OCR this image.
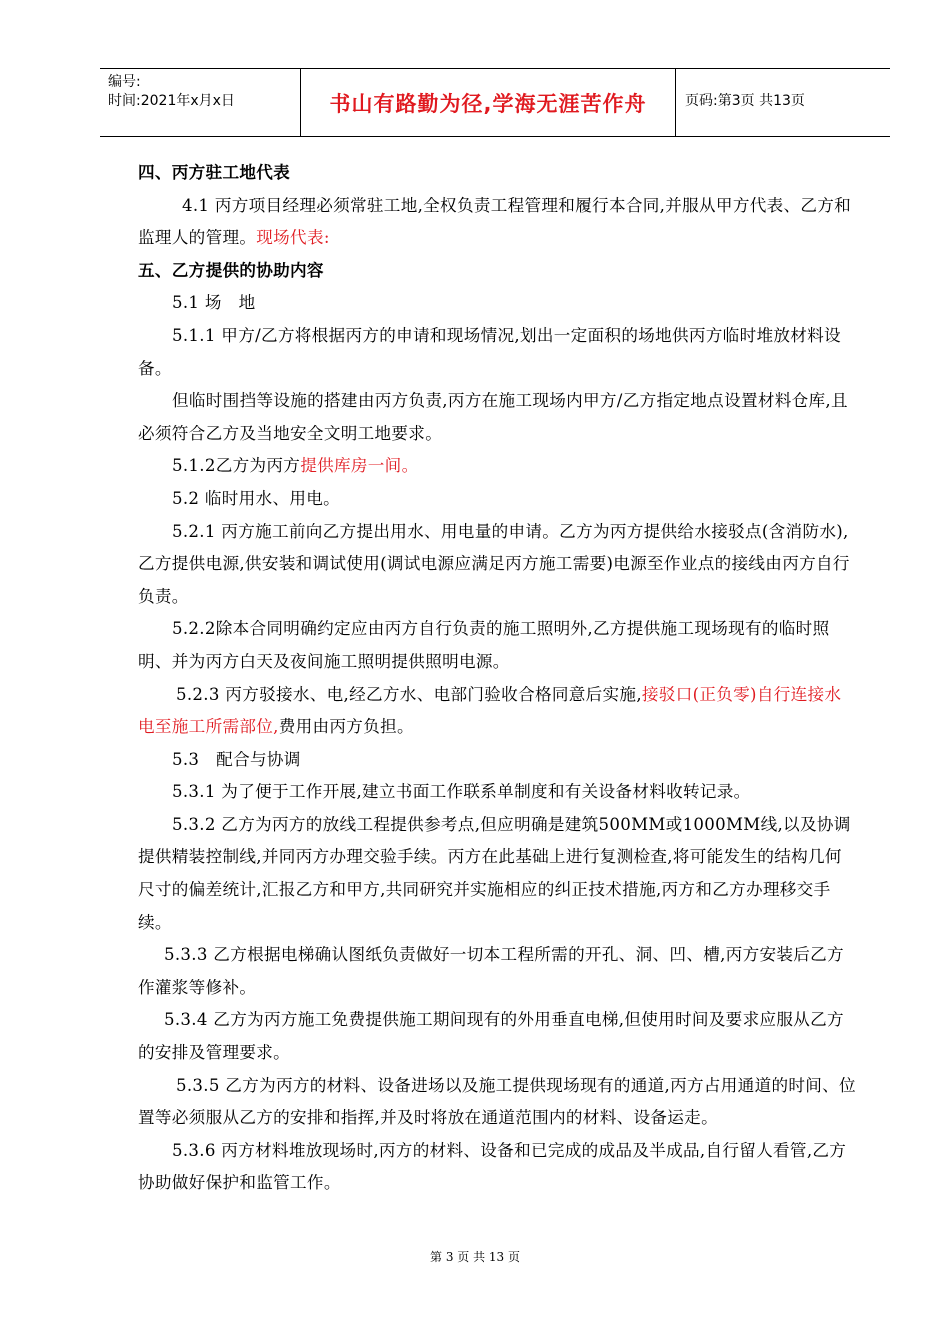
编号:
时间:2021年x月x日	书山有路勤为径,学海无涯苦作舟	页码:第3页 共13页

四、丙方驻工地代表

4.1 丙方项目经理必须常驻工地,全权负责工程管理和履行本合同,并服从甲方代表、乙方和监理人的管理。现场代表:

五、乙方提供的协助内容

5.1 场　地

5.1.1 甲方/乙方将根据丙方的申请和现场情况,划出一定面积的场地供丙方临时堆放材料设备。

但临时围挡等设施的搭建由丙方负责,丙方在施工现场内甲方/乙方指定地点设置材料仓库,且必须符合乙方及当地安全文明工地要求。

5.1.2乙方为丙方提供库房一间。

5.2 临时用水、用电。

5.2.1 丙方施工前向乙方提出用水、用电量的申请。乙方为丙方提供给水接驳点(含消防水),乙方提供电源,供安装和调试使用(调试电源应满足丙方施工需要)电源至作业点的接线由丙方自行负责。

5.2.2除本合同明确约定应由丙方自行负责的施工照明外,乙方提供施工现场现有的临时照明、并为丙方白天及夜间施工照明提供照明电源。

5.2.3 丙方驳接水、电,经乙方水、电部门验收合格同意后实施,接驳口(正负零)自行连接水电至施工所需部位,费用由丙方负担。

5.3　配合与协调

5.3.1 为了便于工作开展,建立书面工作联系单制度和有关设备材料收转记录。

5.3.2 乙方为丙方的放线工程提供参考点,但应明确是建筑500MM或1000MM线,以及协调提供精装控制线,并同丙方办理交验手续。丙方在此基础上进行复测检查,将可能发生的结构几何尺寸的偏差统计,汇报乙方和甲方,共同研究并实施相应的纠正技术措施,丙方和乙方办理移交手续。

5.3.3 乙方根据电梯确认图纸负责做好一切本工程所需的开孔、洞、凹、槽,丙方安装后乙方作灌浆等修补。

5.3.4 乙方为丙方施工免费提供施工期间现有的外用垂直电梯,但使用时间及要求应服从乙方的安排及管理要求。

5.3.5 乙方为丙方的材料、设备进场以及施工提供现场现有的通道,丙方占用通道的时间、位置等必须服从乙方的安排和指挥,并及时将放在通道范围内的材料、设备运走。

5.3.6 丙方材料堆放现场时,丙方的材料、设备和已完成的成品及半成品,自行留人看管,乙方协助做好保护和监管工作。

第 3 页 共 13 页
